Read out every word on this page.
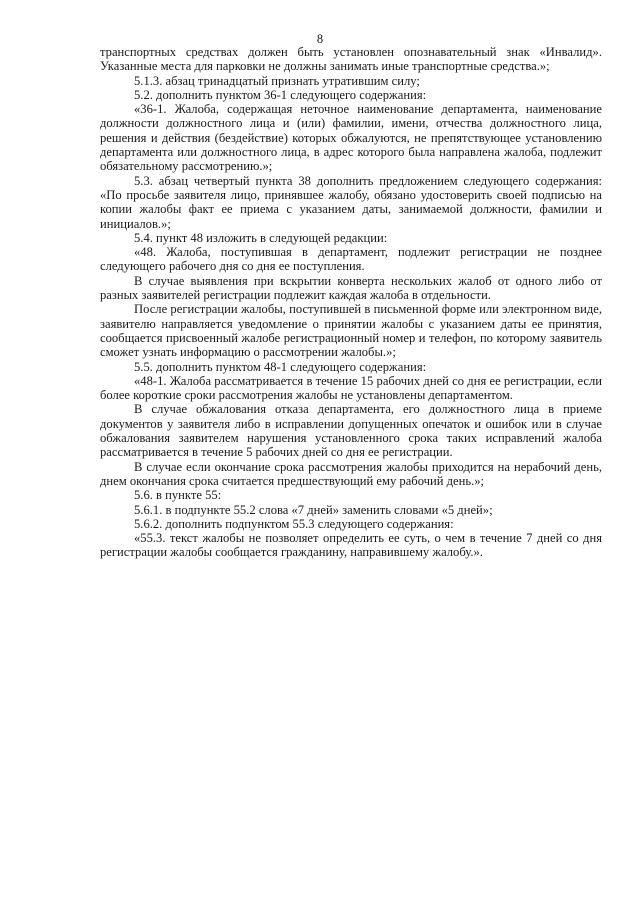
8

транспортных средствах должен быть установлен опознавательный знак «Инвалид». Указанные места для парковки не должны занимать иные транспортные средства.»;

5.1.3. абзац тринадцатый признать утратившим силу;

5.2. дополнить пунктом 36-1 следующего содержания:

«36-1. Жалоба, содержащая неточное наименование департамента, наименование должности должностного лица и (или) фамилии, имени, отчества должностного лица, решения и действия (бездействие) которых обжалуются, не препятствующее установлению департамента или должностного лица, в адрес которого была направлена жалоба, подлежит обязательному рассмотрению.»;

5.3. абзац четвертый пункта 38 дополнить предложением следующего содержания: «По просьбе заявителя лицо, принявшее жалобу, обязано удостоверить своей подписью на копии жалобы факт ее приема с указанием даты, занимаемой должности, фамилии и инициалов.»;

5.4. пункт 48 изложить в следующей редакции:

«48. Жалоба, поступившая в департамент, подлежит регистрации не позднее следующего рабочего дня со дня ее поступления.

В случае выявления при вскрытии конверта нескольких жалоб от одного либо от разных заявителей регистрации подлежит каждая жалоба в отдельности.

После регистрации жалобы, поступившей в письменной форме или электронном виде, заявителю направляется уведомление о принятии жалобы с указанием даты ее принятия, сообщается присвоенный жалобе регистрационный номер и телефон, по которому заявитель сможет узнать информацию о рассмотрении жалобы.»;

5.5. дополнить пунктом 48-1 следующего содержания:

«48-1. Жалоба рассматривается в течение 15 рабочих дней со дня ее регистрации, если более короткие сроки рассмотрения жалобы не установлены департаментом.

В случае обжалования отказа департамента, его должностного лица в приеме документов у заявителя либо в исправлении допущенных опечаток и ошибок или в случае обжалования заявителем нарушения установленного срока таких исправлений жалоба рассматривается в течение 5 рабочих дней со дня ее регистрации.

В случае если окончание срока рассмотрения жалобы приходится на нерабочий день, днем окончания срока считается предшествующий ему рабочий день.»;

5.6. в пункте 55:

5.6.1. в подпункте 55.2 слова «7 дней» заменить словами «5 дней»;

5.6.2. дополнить подпунктом 55.3 следующего содержания:

«55.3. текст жалобы не позволяет определить ее суть, о чем в течение 7 дней со дня регистрации жалобы сообщается гражданину, направившему жалобу.».
